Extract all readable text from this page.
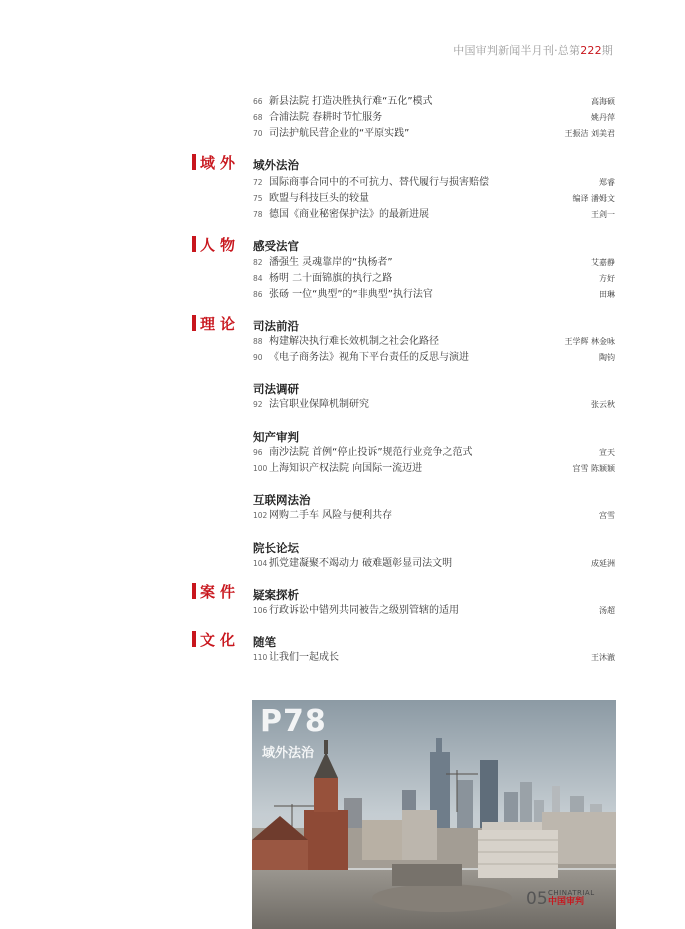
中国审判新闻半月刊·总第222期
域外
人物
理论
案件
文化
域外法治
感受法官
司法前沿
司法调研
知产审判
互联网法治
院长论坛
疑案探析
随笔
66 新县法院 打造决胜执行难“五化”模式	高海硕
68 合浦法院 春耕时节忙服务	姚丹萍
70 司法护航民营企业的“平原实践”	王振洁 刘美君
72 国际商事合同中的不可抗力、替代履行与损害赔偿	郑睿
75 欧盟与科技巨头的较量	编译 潘姆文
78 德国《商业秘密保护法》的最新进展	王剑一
82 潘强生 灵魂靠岸的“执杨者”	艾嘉静
84 杨明 二十面锦旗的执行之路	方好
86 张砀 一位“典型”的“非典型”执行法官	田琳
88 构建解决执行难长效机制之社会化路径	王学辉 林金咏
90 《电子商务法》视角下平台责任的反思与演进	陶钧
92 法官职业保障机制研究	张云秋
96 南沙法院 首例“停止投诉”规范行业竞争之范式	宣天
100 上海知识产权法院 向国际一流迈进	宫雪 陈颖颖
102 网购二手车 风险与便利共存	宫雪
104 抓党建凝聚不竭动力 破难题彰显司法文明	成延洲
106 行政诉讼中错列共同被告之级别管辖的适用	汤超
110 让我们一起成长	王沐澈
P78
域外法治
05 CHINATRIAL
中国审判
